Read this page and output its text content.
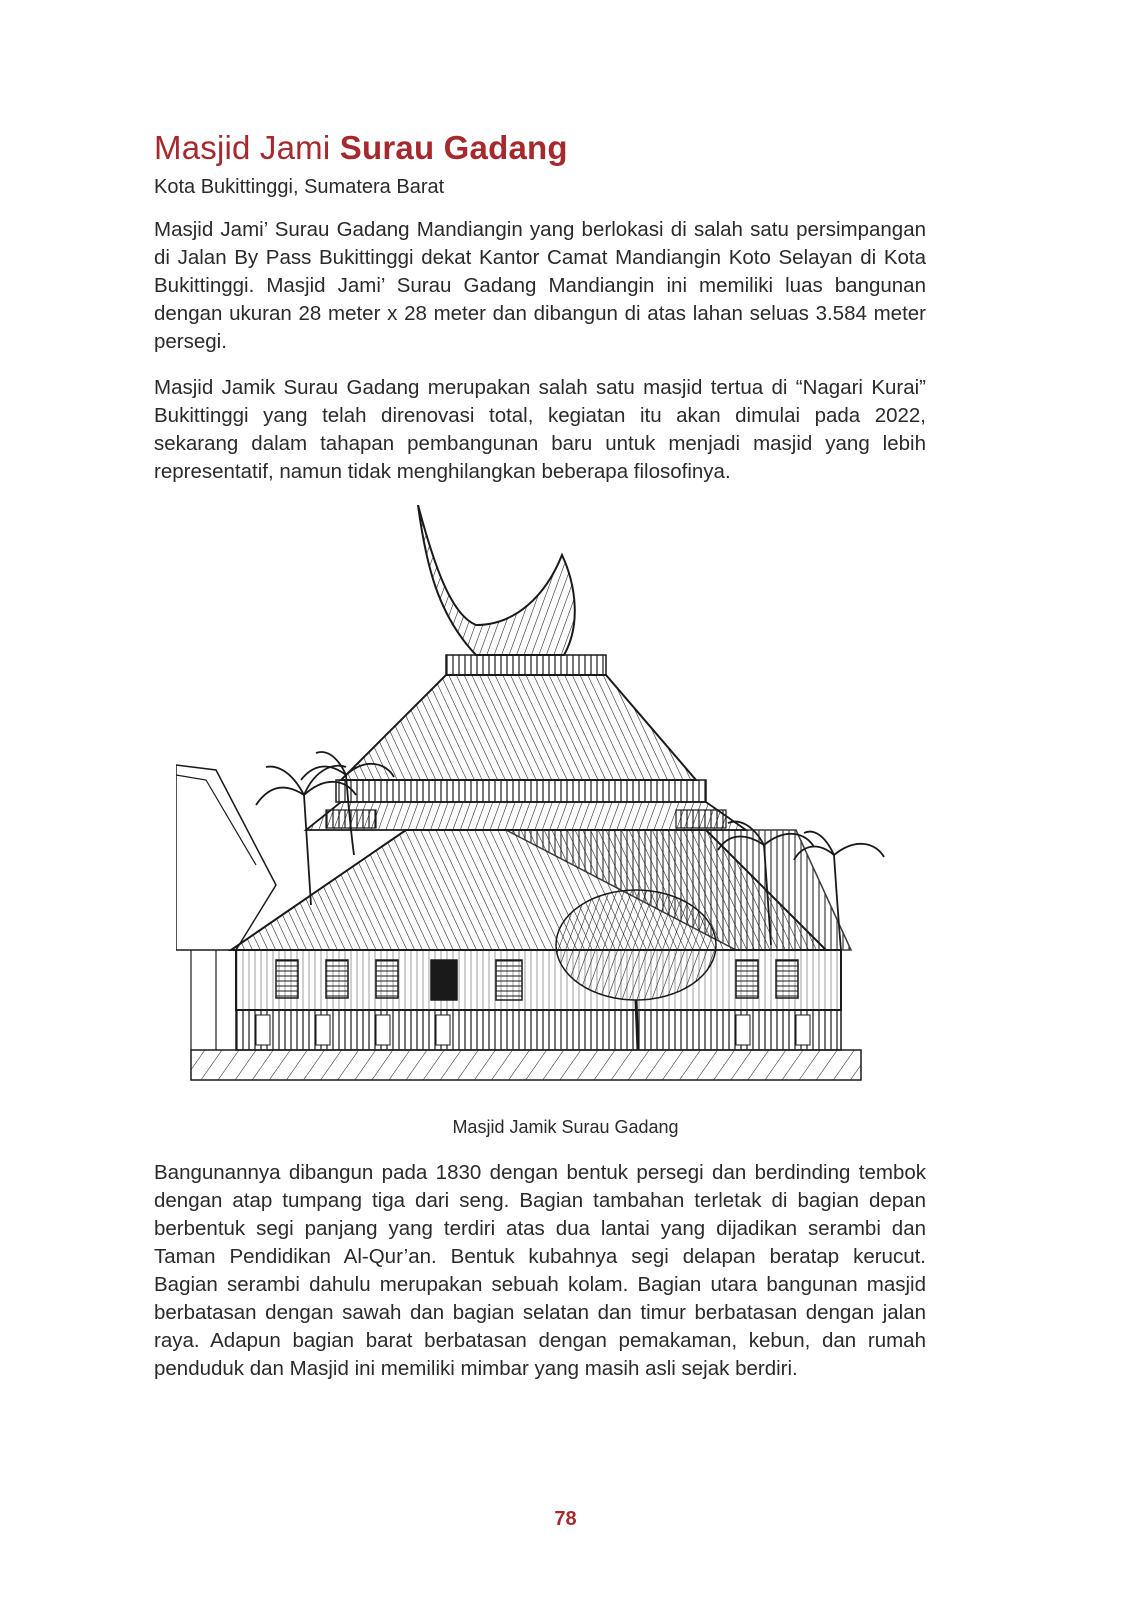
Masjid Jami Surau Gadang

Kota Bukittinggi, Sumatera Barat

Masjid Jami’ Surau Gadang Mandiangin yang berlokasi di salah satu persimpangan di Jalan By Pass Bukittinggi dekat Kantor Camat Mandiangin Koto Selayan di Kota Bukittinggi. Masjid Jami’ Surau Gadang Mandiangin ini memiliki luas bangunan dengan ukuran 28 meter x 28 meter dan dibangun di atas lahan seluas 3.584 meter persegi.

Masjid Jamik Surau Gadang merupakan salah satu masjid tertua di “Nagari Kurai” Bukittinggi yang telah direnovasi total, kegiatan itu akan dimulai pada 2022, sekarang dalam tahapan pembangunan baru untuk menjadi masjid yang lebih representatif, namun tidak menghilangkan beberapa filosofinya.

Masjid Jamik Surau Gadang

Bangunannya dibangun pada 1830 dengan bentuk persegi dan berdinding tembok dengan atap tumpang tiga dari seng. Bagian tambahan terletak di bagian depan berbentuk segi panjang yang terdiri atas dua lantai yang dijadikan serambi dan Taman Pendidikan Al-Qur’an. Bentuk kubahnya segi delapan beratap kerucut. Bagian serambi dahulu merupakan sebuah kolam. Bagian utara bangunan masjid berbatasan dengan sawah dan bagian selatan dan timur berbatasan dengan jalan raya. Adapun bagian barat berbatasan dengan pemakaman, kebun, dan rumah penduduk dan Masjid ini memiliki mimbar yang masih asli sejak berdiri.

78
